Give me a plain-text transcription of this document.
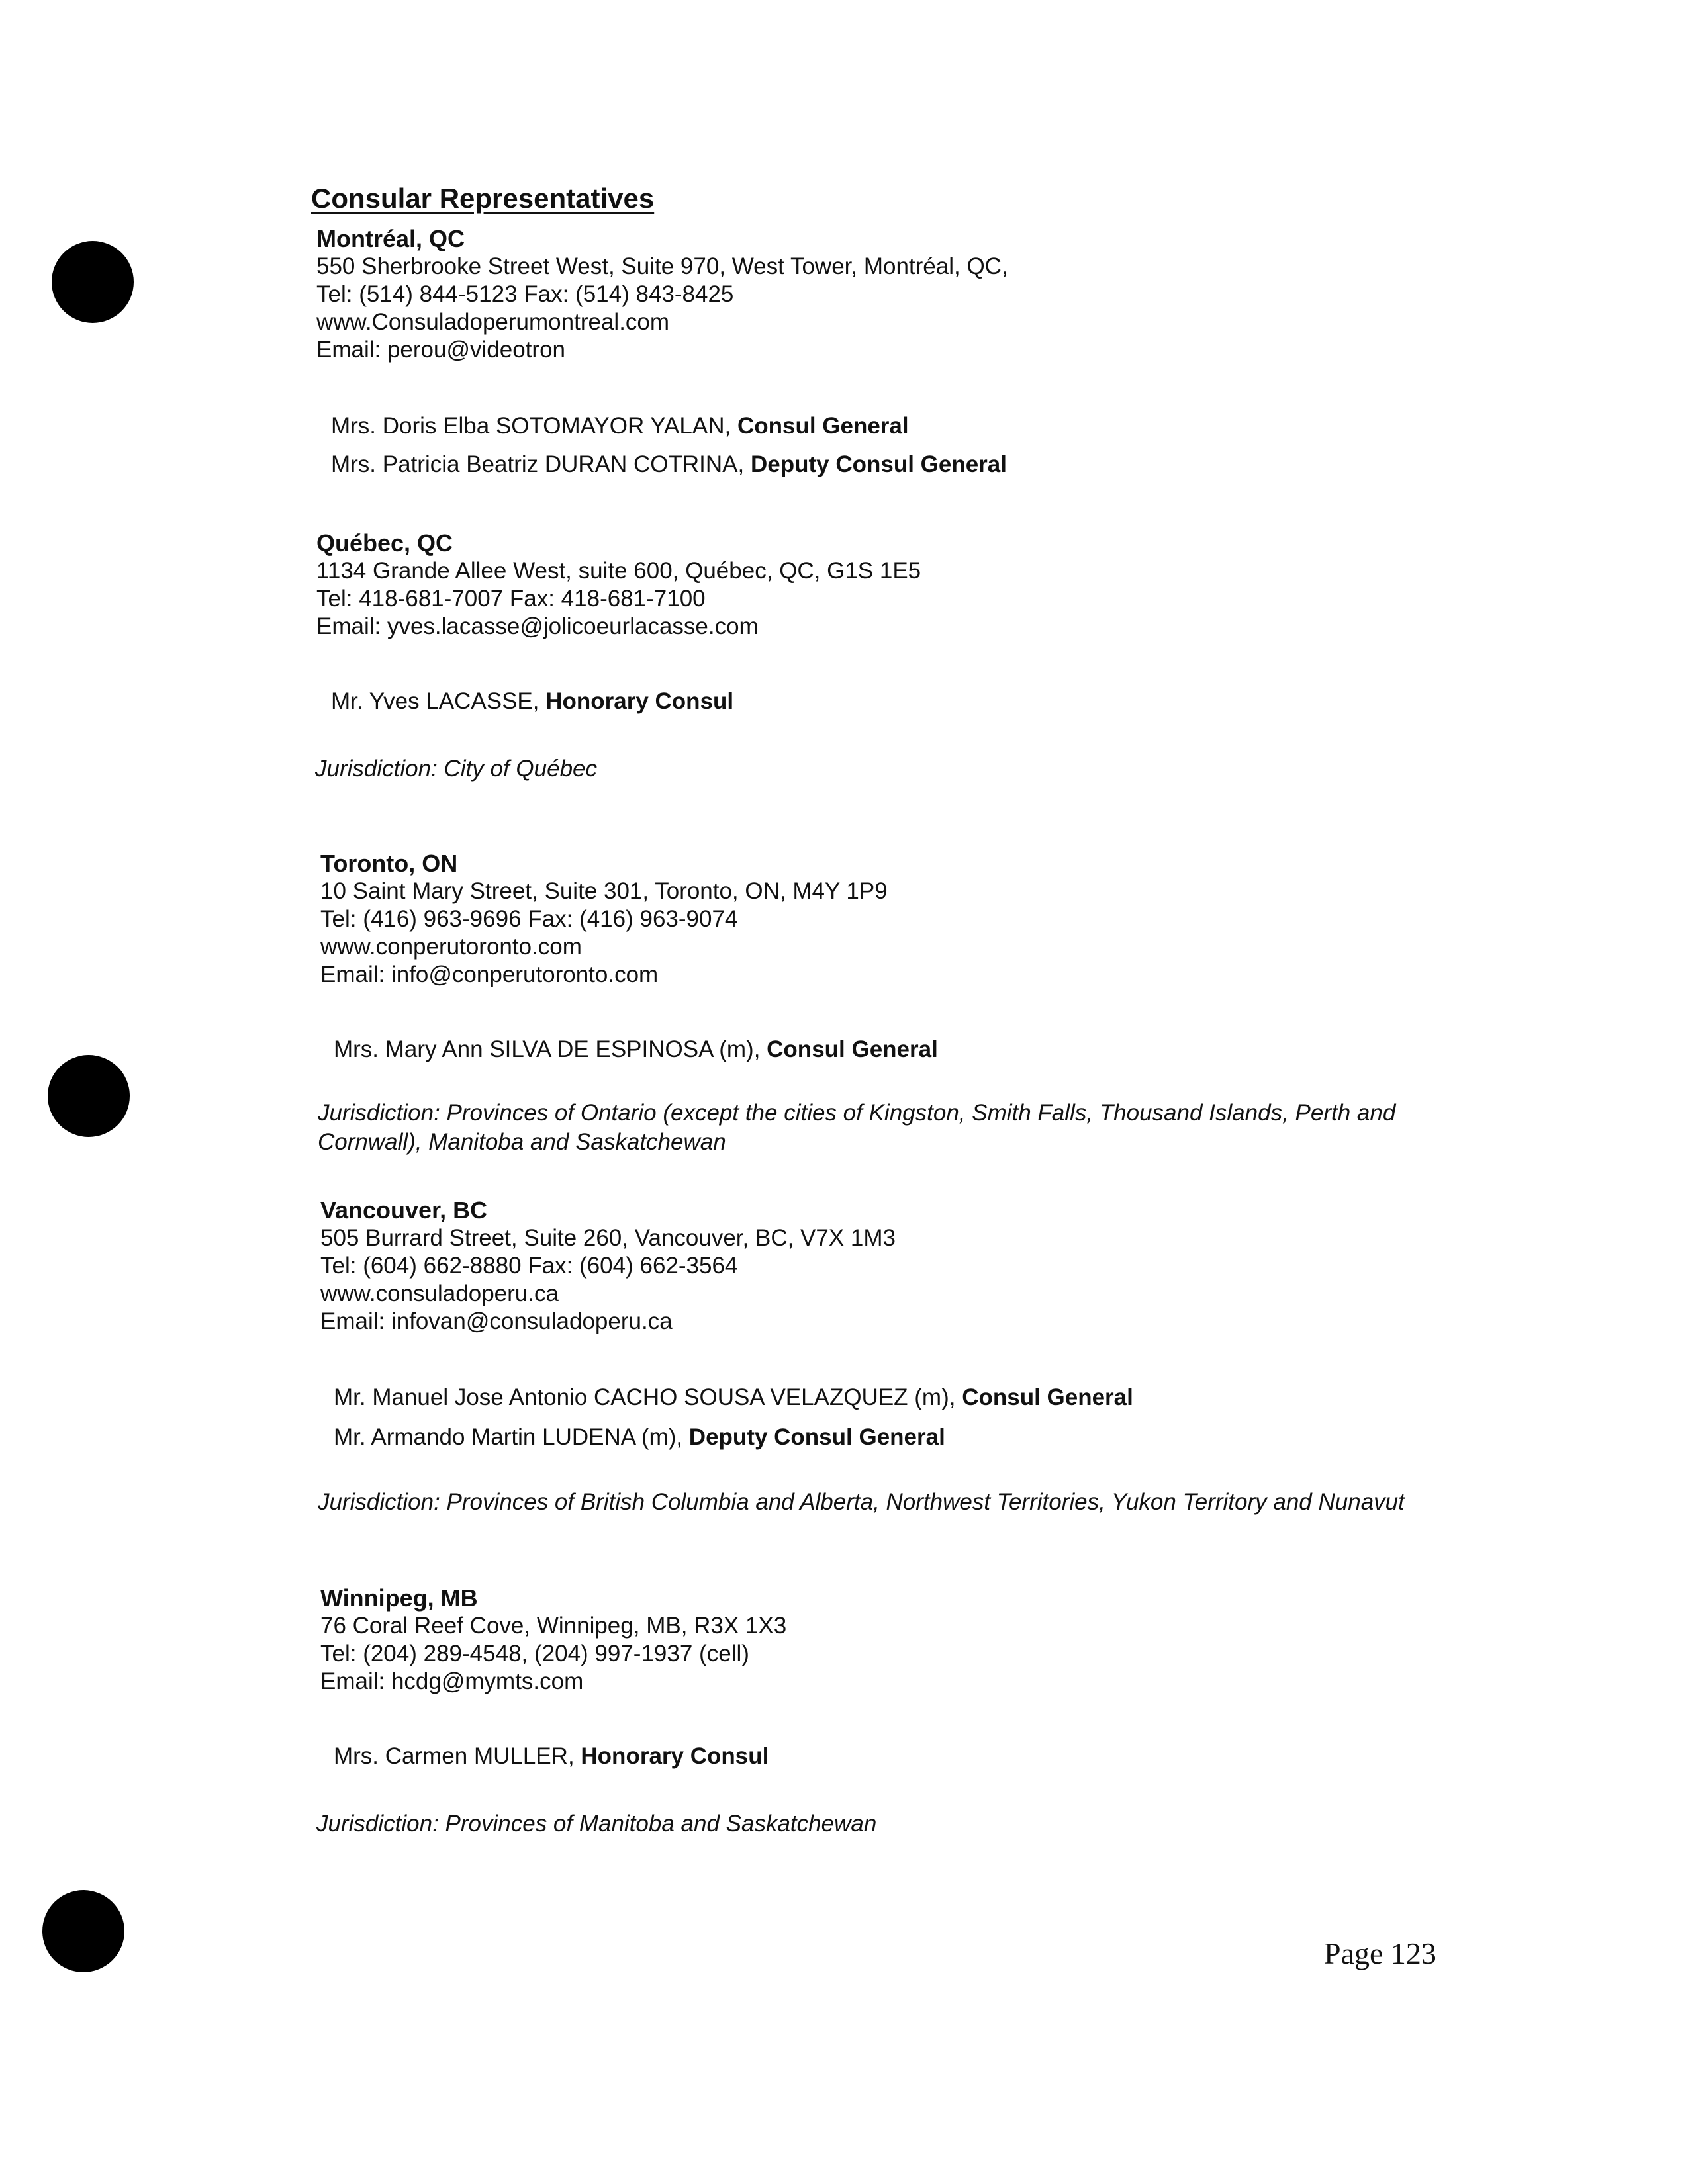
Consular Representatives
Montréal, QC
550 Sherbrooke Street West, Suite 970, West Tower, Montréal, QC,
Tel: (514) 844-5123 Fax: (514) 843-8425
www.Consuladoperumontreal.com
Email: perou@videotron
Mrs. Doris Elba SOTOMAYOR YALAN, Consul General
Mrs. Patricia Beatriz DURAN COTRINA, Deputy Consul General
Québec, QC
1134 Grande Allee West, suite 600, Québec, QC, G1S 1E5
Tel: 418-681-7007 Fax: 418-681-7100
Email: yves.lacasse@jolicoeurlacasse.com
Mr. Yves LACASSE, Honorary Consul
Jurisdiction: City of Québec
Toronto, ON
10 Saint Mary Street, Suite 301, Toronto, ON, M4Y 1P9
Tel: (416) 963-9696 Fax: (416) 963-9074
www.conperutoronto.com
Email: info@conperutoronto.com
Mrs. Mary Ann SILVA DE ESPINOSA (m), Consul General
Jurisdiction: Provinces of Ontario (except the cities of Kingston, Smith Falls, Thousand Islands, Perth and Cornwall), Manitoba and Saskatchewan
Vancouver, BC
505 Burrard Street, Suite 260, Vancouver, BC, V7X 1M3
Tel: (604) 662-8880 Fax: (604) 662-3564
www.consuladoperu.ca
Email: infovan@consuladoperu.ca
Mr. Manuel Jose Antonio CACHO SOUSA VELAZQUEZ (m), Consul General
Mr. Armando Martin LUDENA (m), Deputy Consul General
Jurisdiction: Provinces of British Columbia and Alberta, Northwest Territories, Yukon Territory and Nunavut
Winnipeg, MB
76 Coral Reef Cove, Winnipeg, MB, R3X 1X3
Tel: (204) 289-4548, (204) 997-1937 (cell)
Email: hcdg@mymts.com
Mrs. Carmen MULLER, Honorary Consul
Jurisdiction: Provinces of Manitoba and Saskatchewan
Page 123
